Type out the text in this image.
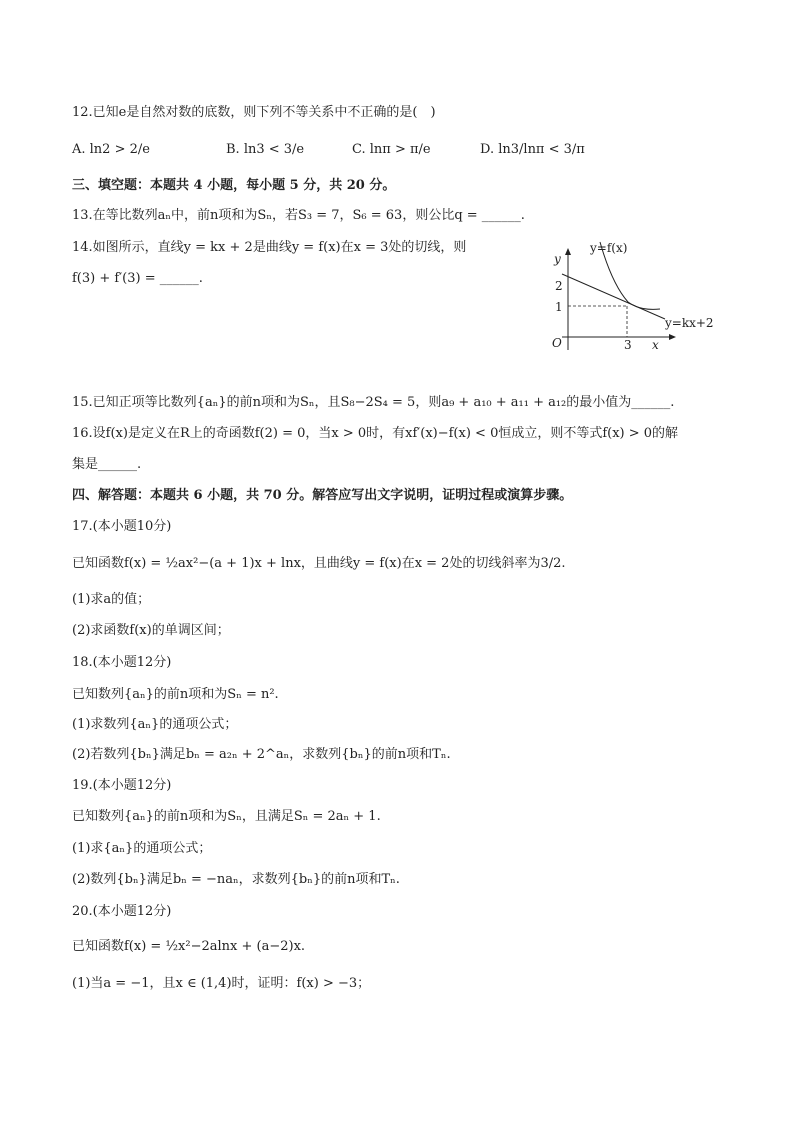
12.已知e是自然对数的底数，则下列不等关系中不正确的是(　)
A. ln2 > 2/e	B. ln3 < 3/e	C. lnπ > π/e	D. ln3/lnπ < 3/π
三、填空题：本题共 4 小题，每小题 5 分，共 20 分。
13.在等比数列aₙ中，前n项和为Sₙ，若S₃ = 7，S₆ = 63，则公比q = ______.
14.如图所示，直线y = kx + 2是曲线y = f(x)在x = 3处的切线，则
f(3) + f′(3) = ______.
y=f(x)
y=kx+2
y
x
O
2
1
3
15.已知正项等比数列{aₙ}的前n项和为Sₙ，且S₈−2S₄ = 5，则a₉ + a₁₀ + a₁₁ + a₁₂的最小值为______.
16.设f(x)是定义在R上的奇函数f(2) = 0，当x > 0时，有xf′(x)−f(x) < 0恒成立，则不等式f(x) > 0的解
集是______.
四、解答题：本题共 6 小题，共 70 分。解答应写出文字说明，证明过程或演算步骤。
17.(本小题10分)
已知函数f(x) = ½ax²−(a + 1)x + lnx，且曲线y = f(x)在x = 2处的切线斜率为3/2.
(1)求a的值；
(2)求函数f(x)的单调区间；
18.(本小题12分)
已知数列{aₙ}的前n项和为Sₙ = n².
(1)求数列{aₙ}的通项公式；
(2)若数列{bₙ}满足bₙ = a₂ₙ + 2^aₙ，求数列{bₙ}的前n项和Tₙ.
19.(本小题12分)
已知数列{aₙ}的前n项和为Sₙ，且满足Sₙ = 2aₙ + 1.
(1)求{aₙ}的通项公式；
(2)数列{bₙ}满足bₙ = −naₙ，求数列{bₙ}的前n项和Tₙ.
20.(本小题12分)
已知函数f(x) = ½x²−2alnx + (a−2)x.
(1)当a = −1，且x ∈ (1,4)时，证明：f(x) > −3；
